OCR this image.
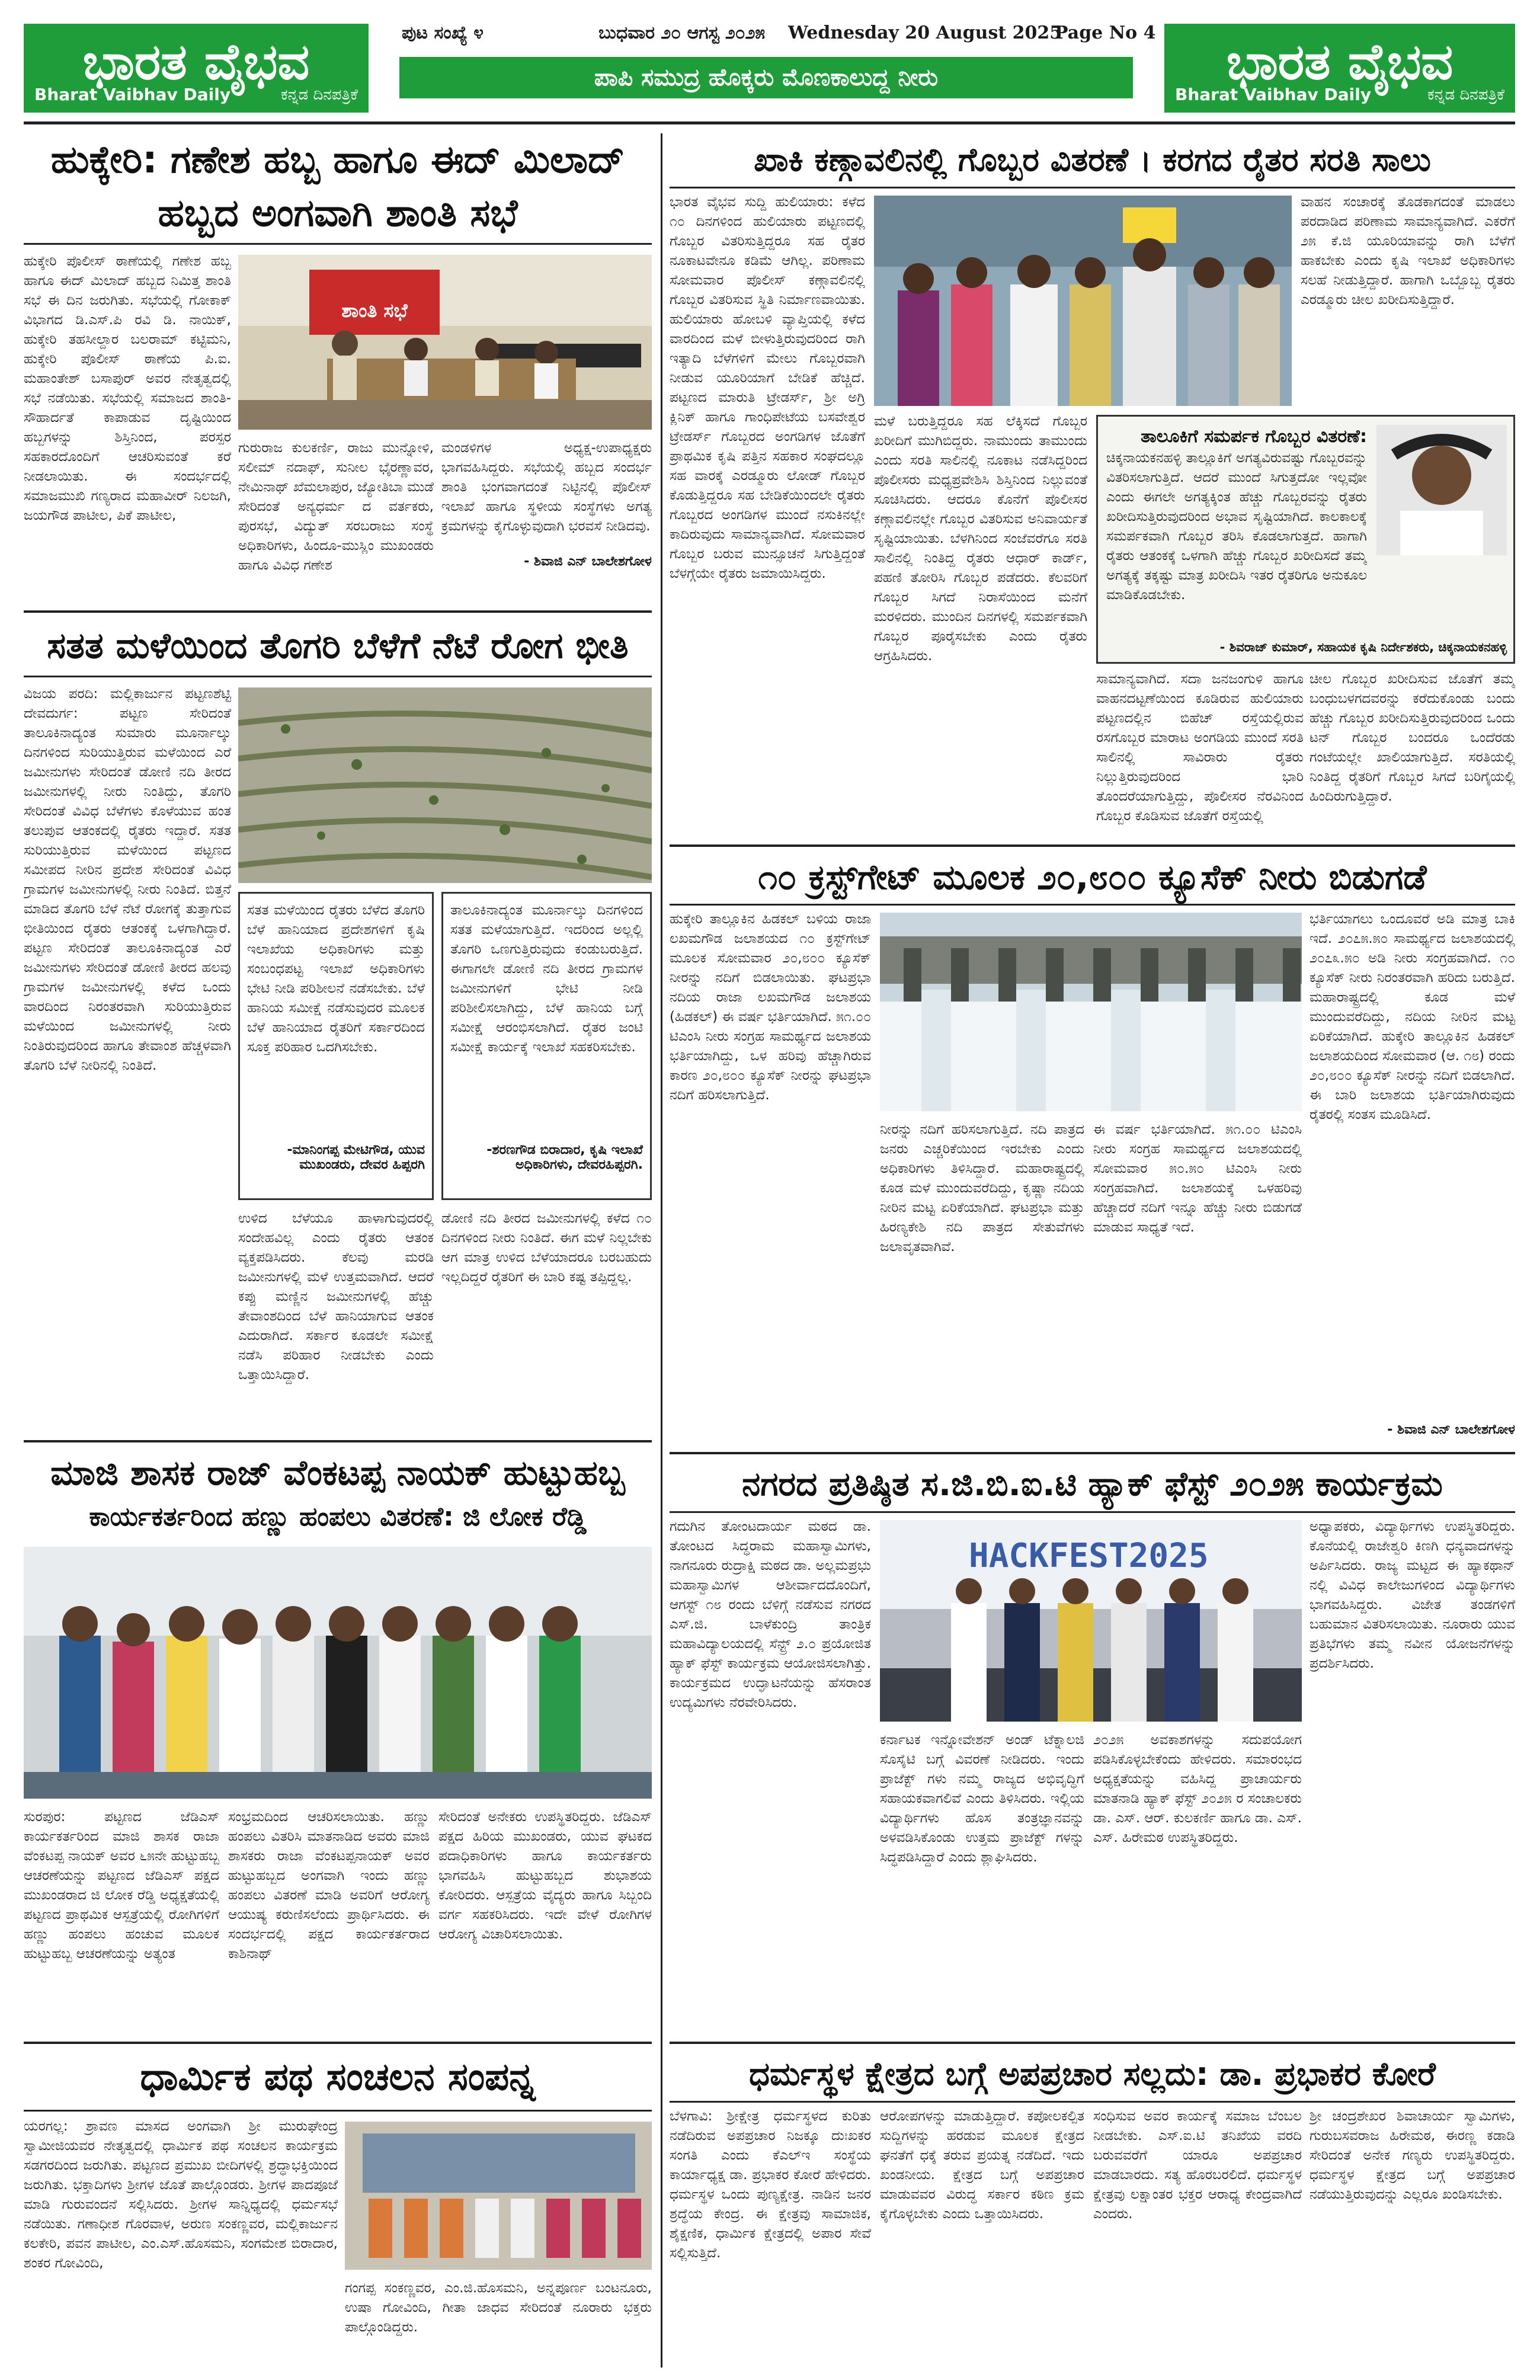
ಭಾರತ ವೈಭವ
Bharat Vaibhav Daily	ಕನ್ನಡ ದಿನಪತ್ರಿಕೆ
ಭಾರತ ವೈಭವ
Bharat Vaibhav Daily	ಕನ್ನಡ ದಿನಪತ್ರಿಕೆ
ಪುಟ ಸಂಖ್ಯೆ ೪	ಬುಧವಾರ ೨೦ ಆಗಸ್ಟ ೨೦೨೫ Wednesday 20 August 2025
Page No 4
ಪಾಪಿ ಸಮುದ್ರ ಹೊಕ್ಕರು ಮೊಣಕಾಲುದ್ದ ನೀರು
ಹುಕ್ಕೇರಿ: ಗಣೇಶ ಹಬ್ಬ ಹಾಗೂ ಈದ್ ಮಿಲಾದ್ ಹಬ್ಬದ ಅಂಗವಾಗಿ ಶಾಂತಿ ಸಭೆ
ಹುಕ್ಕೇರಿ ಪೊಲೀಸ್ ಠಾಣೆಯಲ್ಲಿ ಗಣೇಶ ಹಬ್ಬ ಹಾಗೂ ಈದ್ ಮಿಲಾದ್ ಹಬ್ಬದ ನಿಮಿತ್ತ ಶಾಂತಿ ಸಭೆ ಈ ದಿನ ಜರುಗಿತು. ಸಭೆಯಲ್ಲಿ ಗೋಕಾಕ್ ವಿಭಾಗದ ಡಿ.ಎಸ್.ಪಿ ರವಿ ಡಿ. ನಾಯಿಕ್, ಹುಕ್ಕೇರಿ ತಹಸೀಲ್ದಾರ ಬಲರಾಮ್ ಕಟ್ಟಿಮನಿ, ಹುಕ್ಕೇರಿ ಪೊಲೀಸ್ ಠಾಣೆಯ ಪಿ.ಐ. ಮಹಾಂತೇಶ್ ಬಸಾಪುರ್ ಅವರ ನೇತೃತ್ವದಲ್ಲಿ ಸಭೆ ನಡೆಯಿತು. ಸಭೆಯಲ್ಲಿ ಸಮಾಜದ ಶಾಂತಿ-ಸೌಹಾರ್ದತೆ ಕಾಪಾಡುವ ದೃಷ್ಟಿಯಿಂದ ಹಬ್ಬಗಳನ್ನು ಶಿಸ್ತಿನಿಂದ, ಪರಸ್ಪರ ಸಹಕಾರದೊಂದಿಗೆ ಆಚರಿಸುವಂತೆ ಕರೆ ನೀಡಲಾಯಿತು. ಈ ಸಂದರ್ಭದಲ್ಲಿ ಸಮಾಜಮುಖಿ ಗಣ್ಯರಾದ ಮಹಾವೀರ್ ನಿಲಜಗಿ, ಜಯಗೌಡ ಪಾಟೀಲ, ಪಿಕೆ ಪಾಟೀಲ,
ಶಾಂತಿ ಸಭೆ
ಗುರುರಾಜ ಕುಲಕರ್ಣಿ, ರಾಜು ಮುನ್ನೋಳಿ, ಸಲೀಮ್ ನದಾಫ್, ಸುನೀಲ ಭೈರಣ್ಣಾವರ, ನೇಮಿನಾಥ್ ಖೆಮಲಾಪುರ, ಜ್ಯೋತಿಬಾ ಮುಡೆ ಸೇರಿದಂತೆ ಅನ್ಯಧರ್ಮ ದ ವರ್ತಕರು, ಪುರಸಭೆ, ವಿದ್ಯುತ್ ಸರಬರಾಜು ಸಂಸ್ಥೆ ಅಧಿಕಾರಿಗಳು, ಹಿಂದೂ-ಮುಸ್ಲಿಂ ಮುಖಂಡರು ಹಾಗೂ ವಿವಿಧ ಗಣೇಶ
ಮಂಡಳಿಗಳ ಅಧ್ಯಕ್ಷ-ಉಪಾಧ್ಯಕ್ಷರು ಭಾಗವಹಿಸಿದ್ದರು. ಸಭೆಯಲ್ಲಿ ಹಬ್ಬದ ಸಂದರ್ಭ ಶಾಂತಿ ಭಂಗವಾಗದಂತೆ ನಿಟ್ಟಿನಲ್ಲಿ ಪೊಲೀಸ್ ಇಲಾಖೆ ಹಾಗೂ ಸ್ಥಳೀಯ ಸಂಸ್ಥೆಗಳು ಅಗತ್ಯ ಕ್ರಮಗಳನ್ನು ಕೈಗೊಳ್ಳುವುದಾಗಿ ಭರವಸೆ ನೀಡಿದವು.
- ಶಿವಾಜಿ ಎನ್ ಬಾಲೇಶಗೋಳ
ಸತತ ಮಳೆಯಿಂದ ತೊಗರಿ ಬೆಳೆಗೆ ನೆಟೆ ರೋಗ ಭೀತಿ
ವಿಜಯ ಪರದಿ: ಮಲ್ಲಿಕಾರ್ಜುನ ಪಟ್ಟಣಶೆಟ್ಟಿ ದೇವದುರ್ಗ: ಪಟ್ಟಣ ಸೇರಿದಂತೆ ತಾಲೂಕಿನಾದ್ಯಂತ ಸುಮಾರು ಮೂರ್ನಾಲ್ಕು ದಿನಗಳಿಂದ ಸುರಿಯುತ್ತಿರುವ ಮಳೆಯಿಂದ ಎರೆ ಜಮೀನುಗಳು ಸೇರಿದಂತೆ ಡೋಣಿ ನದಿ ತೀರದ ಜಮೀನುಗಳಲ್ಲಿ ನೀರು ನಿಂತಿದ್ದು, ತೊಗರಿ ಸೇರಿದಂತೆ ವಿವಿಧ ಬೆಳೆಗಳು ಕೊಳೆಯುವ ಹಂತ ತಲುಪುವ ಆತಂಕದಲ್ಲಿ ರೈತರು ಇದ್ದಾರೆ. ಸತತ ಸುರಿಯುತ್ತಿರುವ ಮಳೆಯಿಂದ ಪಟ್ಟಣದ ಸಮೀಪದ ನೀರಿನ ಪ್ರದೇಶ ಸೇರಿದಂತೆ ವಿವಿಧ ಗ್ರಾಮಗಳ ಜಮೀನುಗಳಲ್ಲಿ ನೀರು ನಿಂತಿದೆ. ಬಿತ್ತನೆ ಮಾಡಿದ ತೊಗರಿ ಬೆಳೆ ನೆಟೆ ರೋಗಕ್ಕೆ ತುತ್ತಾಗುವ ಭೀತಿಯಿಂದ ರೈತರು ಆತಂಕಕ್ಕೆ ಒಳಗಾಗಿದ್ದಾರೆ. ಪಟ್ಟಣ ಸೇರಿದಂತೆ ತಾಲೂಕಿನಾದ್ಯಂತ ಎರೆ ಜಮೀನುಗಳು ಸೇರಿದಂತೆ ಡೋಣಿ ತೀರದ ಹಲವು ಗ್ರಾಮಗಳ ಜಮೀನುಗಳಲ್ಲಿ ಕಳೆದ ಒಂದು ವಾರದಿಂದ ನಿರಂತರವಾಗಿ ಸುರಿಯುತ್ತಿರುವ ಮಳೆಯಿಂದ ಜಮೀನುಗಳಲ್ಲಿ ನೀರು ನಿಂತಿರುವುದರಿಂದ ಹಾಗೂ ತೇವಾಂಶ ಹೆಚ್ಚಳವಾಗಿ ತೊಗರಿ ಬೆಳೆ ನೀರಿನಲ್ಲಿ ನಿಂತಿದೆ.
ಸತತ ಮಳೆಯಿಂದ ರೈತರು ಬೆಳೆದ ತೊಗರಿ ಬೆಳೆ ಹಾನಿಯಾದ ಪ್ರದೇಶಗಳಿಗೆ ಕೃಷಿ ಇಲಾಖೆಯ ಅಧಿಕಾರಿಗಳು ಮತ್ತು ಸಂಬಂಧಪಟ್ಟ ಇಲಾಖೆ ಅಧಿಕಾರಿಗಳು ಭೇಟಿ ನೀಡಿ ಪರಿಶೀಲನೆ ನಡೆಸಬೇಕು. ಬೆಳೆ ಹಾನಿಯ ಸಮೀಕ್ಷೆ ನಡೆಸುವುದರ ಮೂಲಕ ಬೆಳೆ ಹಾನಿಯಾದ ರೈತರಿಗೆ ಸರ್ಕಾರದಿಂದ ಸೂಕ್ತ ಪರಿಹಾರ ಒದಗಿಸಬೇಕು.
-ಮಾನಿಂಗಪ್ಪ ಮೇಟಿಗೌಡ, ಯುವ ಮುಖಂಡರು, ದೇವರ ಹಿಪ್ಪರಗಿ
ತಾಲೂಕಿನಾದ್ಯಂತ ಮೂರ್ನಾಲ್ಕು ದಿನಗಳಿಂದ ಸತತ ಮಳೆಯಾಗುತ್ತಿದೆ. ಇದರಿಂದ ಅಲ್ಲಲ್ಲಿ ತೊಗರಿ ಒಣಗುತ್ತಿರುವುದು ಕಂಡುಬರುತ್ತಿದೆ. ಈಗಾಗಲೇ ಡೋಣಿ ನದಿ ತೀರದ ಗ್ರಾಮಗಳ ಜಮೀನುಗಳಿಗೆ ಭೇಟಿ ನೀಡಿ ಪರಿಶೀಲಿಸಲಾಗಿದ್ದು, ಬೆಳೆ ಹಾನಿಯ ಬಗ್ಗೆ ಸಮೀಕ್ಷೆ ಆರಂಭಿಸಲಾಗಿದೆ. ರೈತರ ಜಂಟಿ ಸಮೀಕ್ಷೆ ಕಾರ್ಯಕ್ಕೆ ಇಲಾಖೆ ಸಹಕರಿಸಬೇಕು.
-ಶರಣಗೌಡ ಬಿರಾದಾರ, ಕೃಷಿ ಇಲಾಖೆ ಅಧಿಕಾರಿಗಳು, ದೇವರಹಿಪ್ಪರಗಿ.
ಉಳಿದ ಬೆಳೆಯೂ ಹಾಳಾಗುವುದರಲ್ಲಿ ಸಂದೇಹವಿಲ್ಲ ಎಂದು ರೈತರು ಆತಂಕ ವ್ಯಕ್ತಪಡಿಸಿದರು. ಕೆಲವು ಮರಡಿ ಜಮೀನುಗಳಲ್ಲಿ ಮಳೆ ಉತ್ತಮವಾಗಿದೆ. ಆದರೆ ಕಪ್ಪು ಮಣ್ಣಿನ ಜಮೀನುಗಳಲ್ಲಿ ಹೆಚ್ಚು ತೇವಾಂಶದಿಂದ ಬೆಳೆ ಹಾನಿಯಾಗುವ ಆತಂಕ ಎದುರಾಗಿದೆ. ಸರ್ಕಾರ ಕೂಡಲೇ ಸಮೀಕ್ಷೆ ನಡೆಸಿ ಪರಿಹಾರ ನೀಡಬೇಕು ಎಂದು ಒತ್ತಾಯಿಸಿದ್ದಾರೆ.
ಡೋಣಿ ನದಿ ತೀರದ ಜಮೀನುಗಳಲ್ಲಿ ಕಳೆದ ೧೦ ದಿನಗಳಿಂದ ನೀರು ನಿಂತಿದೆ. ಈಗ ಮಳೆ ನಿಲ್ಲಬೇಕು ಆಗ ಮಾತ್ರ ಉಳಿದ ಬೆಳೆಯಾದರೂ ಬರಬಹುದು ಇಲ್ಲದಿದ್ದರೆ ರೈತರಿಗೆ ಈ ಬಾರಿ ಕಷ್ಟ ತಪ್ಪಿದ್ದಲ್ಲ.
ಮಾಜಿ ಶಾಸಕ ರಾಜ್ ವೆಂಕಟಪ್ಪ ನಾಯಕ್ ಹುಟ್ಟುಹಬ್ಬ
ಕಾರ್ಯಕರ್ತರಿಂದ ಹಣ್ಣು ಹಂಪಲು ವಿತರಣೆ: ಜಿ ಲೋಕ ರೆಡ್ಡಿ
ಸುರಪುರ: ಪಟ್ಟಣದ ಜೆಡಿಎಸ್ ಕಾರ್ಯಕರ್ತರಿಂದ ಮಾಜಿ ಶಾಸಕ ರಾಜಾ ವೆಂಕಟಪ್ಪ ನಾಯಕ್ ಅವರ ೬೫ನೇ ಹುಟ್ಟುಹಬ್ಬ ಆಚರಣೆಯನ್ನು ಪಟ್ಟಣದ ಜೆಡಿಎಸ್ ಪಕ್ಷದ ಮುಖಂಡರಾದ ಜಿ ಲೋಕ ರೆಡ್ಡಿ ಅಧ್ಯಕ್ಷತೆಯಲ್ಲಿ ಪಟ್ಟಣದ ಪ್ರಾಥಮಿಕ ಆಸ್ಪತ್ರೆಯಲ್ಲಿ ರೋಗಿಗಳಿಗೆ ಹಣ್ಣು ಹಂಪಲು ಹಂಚುವ ಮೂಲಕ ಹುಟ್ಟುಹಬ್ಬ ಆಚರಣೆಯನ್ನು ಅತ್ಯಂತ
ಸಂಭ್ರಮದಿಂದ ಆಚರಿಸಲಾಯಿತು. ಹಣ್ಣು ಹಂಪಲು ವಿತರಿಸಿ ಮಾತನಾಡಿದ ಅವರು ಮಾಜಿ ಶಾಸಕರು ರಾಜಾ ವೆಂಕಟಪ್ಪನಾಯಕ್ ಅವರ ಹುಟ್ಟುಹಬ್ಬದ ಅಂಗವಾಗಿ ಇಂದು ಹಣ್ಣು ಹಂಪಲು ವಿತರಣೆ ಮಾಡಿ ಅವರಿಗೆ ಆರೋಗ್ಯ ಆಯುಷ್ಯ ಕರುಣಿಸಲೆಂದು ಪ್ರಾರ್ಥಿಸಿದರು. ಈ ಸಂದರ್ಭದಲ್ಲಿ ಪಕ್ಷದ ಕಾರ್ಯಕರ್ತರಾದ ಕಾಶಿನಾಥ್
ಸೇರಿದಂತೆ ಅನೇಕರು ಉಪಸ್ಥಿತರಿದ್ದರು. ಜೆಡಿಎಸ್ ಪಕ್ಷದ ಹಿರಿಯ ಮುಖಂಡರು, ಯುವ ಘಟಕದ ಪದಾಧಿಕಾರಿಗಳು ಹಾಗೂ ಕಾರ್ಯಕರ್ತರು ಭಾಗವಹಿಸಿ ಹುಟ್ಟುಹಬ್ಬದ ಶುಭಾಶಯ ಕೋರಿದರು. ಆಸ್ಪತ್ರೆಯ ವೈದ್ಯರು ಹಾಗೂ ಸಿಬ್ಬಂದಿ ವರ್ಗ ಸಹಕರಿಸಿದರು. ಇದೇ ವೇಳೆ ರೋಗಿಗಳ ಆರೋಗ್ಯ ವಿಚಾರಿಸಲಾಯಿತು.
ಧಾರ್ಮಿಕ ಪಥ ಸಂಚಲನ ಸಂಪನ್ನ
ಯರಗಲ್ಲ: ಶ್ರಾವಣ ಮಾಸದ ಅಂಗವಾಗಿ ಶ್ರೀ ಮುರುಘೇಂದ್ರ ಸ್ವಾಮೀಜಿಯವರ ನೇತೃತ್ವದಲ್ಲಿ ಧಾರ್ಮಿಕ ಪಥ ಸಂಚಲನ ಕಾರ್ಯಕ್ರಮ ಸಡಗರದಿಂದ ಜರುಗಿತು. ಪಟ್ಟಣದ ಪ್ರಮುಖ ಬೀದಿಗಳಲ್ಲಿ ಶ್ರದ್ಧಾಭಕ್ತಿಯಿಂದ ಜರುಗಿತು. ಭಕ್ತಾದಿಗಳು ಶ್ರೀಗಳ ಜೊತೆ ಪಾಲ್ಗೊಂಡರು. ಶ್ರೀಗಳ ಪಾದಪೂಜೆ ಮಾಡಿ ಗುರುವಂದನೆ ಸಲ್ಲಿಸಿದರು. ಶ್ರೀಗಳ ಸಾನ್ನಿಧ್ಯದಲ್ಲಿ ಧರ್ಮಸಭೆ ನಡೆಯಿತು. ಗಣಾಧೀಶ ಗೊರವಾಳ, ಅರುಣ ಸಂಕಣ್ಣವರ, ಮಲ್ಲಿಕಾರ್ಜುನ ಕಲಕೇರಿ, ಪವನ ಪಾಟೀಲ, ಎಂ.ಎಸ್.ಹೊಸಮನಿ, ಸಂಗಮೇಶ ಬಿರಾದಾರ, ಶಂಕರ ಗೋವಿಂದಿ,
ಗಂಗಪ್ಪ ಸಂಕಣ್ಣವರ, ಎಂ.ಜಿ.ಹೊಸಮನಿ, ಅನ್ನಪೂರ್ಣ ಬಂಟನೂರು, ಉಷಾ ಗೋವಿಂದಿ, ಗೀತಾ ಜಾಧವ ಸೇರಿದಂತೆ ನೂರಾರು ಭಕ್ತರು ಪಾಲ್ಗೊಂಡಿದ್ದರು.
ಖಾಕಿ ಕಣ್ಗಾವಲಿನಲ್ಲಿ ಗೊಬ್ಬರ ವಿತರಣೆ । ಕರಗದ ರೈತರ ಸರತಿ ಸಾಲು
ಭಾರತ ವೈಭವ ಸುದ್ದಿ ಹುಲಿಯಾರು: ಕಳೆದ ೧೦ ದಿನಗಳಿಂದ ಹುಲಿಯಾರು ಪಟ್ಟಣದಲ್ಲಿ ಗೊಬ್ಬರ ವಿತರಿಸುತ್ತಿದ್ದರೂ ಸಹ ರೈತರ ನೂಕಾಟವೇನೂ ಕಡಿಮೆ ಆಗಿಲ್ಲ. ಪರಿಣಾಮ ಸೋಮವಾರ ಪೊಲೀಸ್ ಕಣ್ಗಾವಲಿನಲ್ಲಿ ಗೊಬ್ಬರ ವಿತರಿಸುವ ಸ್ಥಿತಿ ನಿರ್ಮಾಣವಾಯಿತು. ಹುಲಿಯಾರು ಹೋಬಳಿ ವ್ಯಾಪ್ತಿಯಲ್ಲಿ ಕಳೆದ ವಾರದಿಂದ ಮಳೆ ಬೀಳುತ್ತಿರುವುದರಿಂದ ರಾಗಿ ಇತ್ಯಾದಿ ಬೆಳೆಗಳಿಗೆ ಮೇಲು ಗೊಬ್ಬರವಾಗಿ ನೀಡುವ ಯೂರಿಯಾಗೆ ಬೇಡಿಕೆ ಹೆಚ್ಚಿದೆ. ಪಟ್ಟಣದ ಮಾರುತಿ ಟ್ರೇಡರ್ಸ್, ಶ್ರೀ ಅಗ್ರಿ ಕ್ಲಿನಿಕ್ ಹಾಗೂ ಗಾಂಧಿಪೇಟೆಯ ಬಸವೇಶ್ವರ ಟ್ರೇಡರ್ಸ್ ಗೊಬ್ಬರದ ಅಂಗಡಿಗಳ ಜೊತೆಗೆ ಪ್ರಾಥಮಿಕ ಕೃಷಿ ಪತ್ತಿನ ಸಹಕಾರ ಸಂಘದಲ್ಲೂ ಸಹ ವಾರಕ್ಕೆ ಎರಡ್ಮೂರು ಲೋಡ್ ಗೊಬ್ಬರ ಕೊಡುತ್ತಿದ್ದರೂ ಸಹ ಬೇಡಿಕೆಯಿಂದಲೇ ರೈತರು ಗೊಬ್ಬರದ ಅಂಗಡಿಗಳ ಮುಂದೆ ನಸುಕಿನಲ್ಲೇ ಕಾದಿರುವುದು ಸಾಮಾನ್ಯವಾಗಿದೆ. ಸೋಮವಾರ ಗೊಬ್ಬರ ಬರುವ ಮುನ್ಸೂಚನೆ ಸಿಗುತ್ತಿದ್ದಂತೆ ಬೆಳಗ್ಗೆಯೇ ರೈತರು ಜಮಾಯಿಸಿದ್ದರು.
ವಾಹನ ಸಂಚಾರಕ್ಕೆ ತೊಡಕಾಗದಂತೆ ಮಾಡಲು ಪರದಾಡಿದ ಪರಿಣಾಮ ಸಾಮಾನ್ಯವಾಗಿದೆ. ಎಕರೆಗೆ ೨೫ ಕೆ.ಜಿ ಯೂರಿಯಾವನ್ನು ರಾಗಿ ಬೆಳೆಗೆ ಹಾಕಬೇಕು ಎಂದು ಕೃಷಿ ಇಲಾಖೆ ಅಧಿಕಾರಿಗಳು ಸಲಹೆ ನೀಡುತ್ತಿದ್ದಾರೆ. ಹಾಗಾಗಿ ಒಬ್ಬೊಬ್ಬ ರೈತರು ಎರಡ್ಮೂರು ಚೀಲ ಖರೀದಿಸುತ್ತಿದ್ದಾರೆ.
ಮಳೆ ಬರುತ್ತಿದ್ದರೂ ಸಹ ಲೆಕ್ಕಿಸದೆ ಗೊಬ್ಬರ ಖರೀದಿಗೆ ಮುಗಿಬಿದ್ದರು. ನಾಮುಂದು ತಾಮುಂದು ಎಂದು ಸರತಿ ಸಾಲಿನಲ್ಲಿ ನೂಕಾಟ ನಡೆಸಿದ್ದರಿಂದ ಪೊಲೀಸರು ಮಧ್ಯಪ್ರವೇಶಿಸಿ ಶಿಸ್ತಿನಿಂದ ನಿಲ್ಲುವಂತೆ ಸೂಚಿಸಿದರು. ಆದರೂ ಕೊನೆಗೆ ಪೊಲೀಸರ ಕಣ್ಗಾವಲಿನಲ್ಲೇ ಗೊಬ್ಬರ ವಿತರಿಸುವ ಅನಿವಾರ್ಯತೆ ಸೃಷ್ಟಿಯಾಯಿತು. ಬೆಳಗಿನಿಂದ ಸಂಜೆವರೆಗೂ ಸರತಿ ಸಾಲಿನಲ್ಲಿ ನಿಂತಿದ್ದ ರೈತರು ಆಧಾರ್ ಕಾರ್ಡ್, ಪಹಣಿ ತೋರಿಸಿ ಗೊಬ್ಬರ ಪಡೆದರು. ಕೆಲವರಿಗೆ ಗೊಬ್ಬರ ಸಿಗದೆ ನಿರಾಸೆಯಿಂದ ಮನೆಗೆ ಮರಳಿದರು. ಮುಂದಿನ ದಿನಗಳಲ್ಲಿ ಸಮರ್ಪಕವಾಗಿ ಗೊಬ್ಬರ ಪೂರೈಸಬೇಕು ಎಂದು ರೈತರು ಆಗ್ರಹಿಸಿದರು.
ತಾಲೂಕಿಗೆ ಸಮರ್ಪಕ ಗೊಬ್ಬರ ವಿತರಣೆ:
ಚಿಕ್ಕನಾಯಕನಹಳ್ಳಿ ತಾಲ್ಲೂಕಿಗೆ ಅಗತ್ಯವಿರುವಷ್ಟು ಗೊಬ್ಬರವನ್ನು ವಿತರಿಸಲಾಗುತ್ತಿದೆ. ಆದರೆ ಮುಂದೆ ಸಿಗುತ್ತದೋ ಇಲ್ಲವೋ ಎಂದು ಈಗಲೇ ಅಗತ್ಯಕ್ಕಿಂತ ಹೆಚ್ಚು ಗೊಬ್ಬರವನ್ನು ರೈತರು ಖರೀದಿಸುತ್ತಿರುವುದರಿಂದ ಅಭಾವ ಸೃಷ್ಟಿಯಾಗಿದೆ. ಕಾಲಕಾಲಕ್ಕೆ ಸಮರ್ಪಕವಾಗಿ ಗೊಬ್ಬರ ತರಿಸಿ ಕೊಡಲಾಗುತ್ತದೆ. ಹಾಗಾಗಿ ರೈತರು ಆತಂಕಕ್ಕೆ ಒಳಗಾಗಿ ಹೆಚ್ಚು ಗೊಬ್ಬರ ಖರೀದಿಸದೆ ತಮ್ಮ ಅಗತ್ಯಕ್ಕೆ ತಕ್ಕಷ್ಟು ಮಾತ್ರ ಖರೀದಿಸಿ ಇತರ ರೈತರಿಗೂ ಅನುಕೂಲ ಮಾಡಿಕೊಡಬೇಕು.
- ಶಿವರಾಜ್ ಕುಮಾರ್, ಸಹಾಯಕ ಕೃಷಿ ನಿರ್ದೇಶಕರು, ಚಿಕ್ಕನಾಯಕನಹಳ್ಳಿ
ಸಾಮಾನ್ಯವಾಗಿದೆ. ಸದಾ ಜನಜಂಗುಳಿ ಹಾಗೂ ವಾಹನದಟ್ಟಣೆಯಿಂದ ಕೂಡಿರುವ ಹುಲಿಯಾರು ಪಟ್ಟಣದಲ್ಲಿನ ಬಿಹೆಚ್ ರಸ್ತೆಯಲ್ಲಿರುವ ರಸಗೊಬ್ಬರ ಮಾರಾಟ ಅಂಗಡಿಯ ಮುಂದೆ ಸರತಿ ಸಾಲಿನಲ್ಲಿ ಸಾವಿರಾರು ರೈತರು ನಿಲ್ಲುತ್ತಿರುವುದರಿಂದ ಭಾರಿ ತೊಂದರೆಯಾಗುತ್ತಿದ್ದು, ಪೊಲೀಸರ ನೆರವಿನಿಂದ ಗೊಬ್ಬರ ಕೊಡಿಸುವ ಜೊತೆಗೆ ರಸ್ತೆಯಲ್ಲಿ
ಚೀಲ ಗೊಬ್ಬರ ಖರೀದಿಸುವ ಜೊತೆಗೆ ತಮ್ಮ ಬಂಧುಬಳಗದವರನ್ನು ಕರೆದುಕೊಂಡು ಬಂದು ಹೆಚ್ಚು ಗೊಬ್ಬರ ಖರೀದಿಸುತ್ತಿರುವುದರಿಂದ ಒಂದು ಟನ್ ಗೊಬ್ಬರ ಬಂದರೂ ಒಂದೆರಡು ಗಂಟೆಯಲ್ಲೇ ಖಾಲಿಯಾಗುತ್ತಿದೆ. ಸರತಿಯಲ್ಲಿ ನಿಂತಿದ್ದ ರೈತರಿಗೆ ಗೊಬ್ಬರ ಸಿಗದೆ ಬರಿಗೈಯಲ್ಲಿ ಹಿಂದಿರುಗುತ್ತಿದ್ದಾರೆ.
೧೦ ಕ್ರಸ್ಟ್‌ಗೇಟ್ ಮೂಲಕ ೨೦,೮೦೦ ಕ್ಯೂಸೆಕ್ ನೀರು ಬಿಡುಗಡೆ
ಹುಕ್ಕೇರಿ ತಾಲ್ಲೂಕಿನ ಹಿಡಕಲ್ ಬಳಿಯ ರಾಜಾ ಲಖಮಗೌಡ ಜಲಾಶಯದ ೧೦ ಕ್ರಸ್ಟ್‌ಗೇಟ್ ಮೂಲಕ ಸೋಮವಾರ ೨೦,೮೦೦ ಕ್ಯೂಸೆಕ್ ನೀರನ್ನು ನದಿಗೆ ಬಿಡಲಾಯಿತು. ಘಟಪ್ರಭಾ ನದಿಯ ರಾಜಾ ಲಖಮಗೌಡ ಜಲಾಶಯ (ಹಿಡಕಲ್) ಈ ವರ್ಷ ಭರ್ತಿಯಾಗಿದೆ. ೫೧.೦೦ ಟಿಎಂಸಿ ನೀರು ಸಂಗ್ರಹ ಸಾಮರ್ಥ್ಯದ ಜಲಾಶಯ ಭರ್ತಿಯಾಗಿದ್ದು, ಒಳ ಹರಿವು ಹೆಚ್ಚಾಗಿರುವ ಕಾರಣ ೨೦,೮೦೦ ಕ್ಯೂಸೆಕ್ ನೀರನ್ನು ಘಟಪ್ರಭಾ ನದಿಗೆ ಹರಿಸಲಾಗುತ್ತಿದೆ.
ನೀರನ್ನು ನದಿಗೆ ಹರಿಸಲಾಗುತ್ತಿದೆ. ನದಿ ಪಾತ್ರದ ಜನರು ಎಚ್ಚರಿಕೆಯಿಂದ ಇರಬೇಕು ಎಂದು ಅಧಿಕಾರಿಗಳು ತಿಳಿಸಿದ್ದಾರೆ. ಮಹಾರಾಷ್ಟ್ರದಲ್ಲಿ ಕೂಡ ಮಳೆ ಮುಂದುವರೆದಿದ್ದು, ಕೃಷ್ಣಾ ನದಿಯ ನೀರಿನ ಮಟ್ಟ ಏರಿಕೆಯಾಗಿದೆ. ಘಟಪ್ರಭಾ ಮತ್ತು ಹಿರಣ್ಯಕೇಶಿ ನದಿ ಪಾತ್ರದ ಸೇತುವೆಗಳು ಜಲಾವೃತವಾಗಿವೆ.
ಈ ವರ್ಷ ಭರ್ತಿಯಾಗಿದೆ. ೫೧.೦೦ ಟಿಎಂಸಿ ನೀರು ಸಂಗ್ರಹ ಸಾಮರ್ಥ್ಯದ ಜಲಾಶಯದಲ್ಲಿ ಸೋಮವಾರ ೫೦.೫೦ ಟಿಎಂಸಿ ನೀರು ಸಂಗ್ರಹವಾಗಿದೆ. ಜಲಾಶಯಕ್ಕೆ ಒಳಹರಿವು ಹೆಚ್ಚಾದರೆ ನದಿಗೆ ಇನ್ನೂ ಹೆಚ್ಚು ನೀರು ಬಿಡುಗಡೆ ಮಾಡುವ ಸಾಧ್ಯತೆ ಇದೆ.
ಭರ್ತಿಯಾಗಲು ಒಂದೂವರೆ ಅಡಿ ಮಾತ್ರ ಬಾಕಿ ಇದೆ. ೨೦೭೫.೫೦ ಸಾಮರ್ಥ್ಯದ ಜಲಾಶಯದಲ್ಲಿ ೨೦೭೩.೫೦ ಅಡಿ ನೀರು ಸಂಗ್ರಹವಾಗಿದೆ. ೧೦ ಕ್ಯೂಸೆಕ್ ನೀರು ನಿರಂತರವಾಗಿ ಹರಿದು ಬರುತ್ತಿದೆ. ಮಹಾರಾಷ್ಟ್ರದಲ್ಲಿ ಕೂಡ ಮಳೆ ಮುಂದುವರೆದಿದ್ದು, ನದಿಯ ನೀರಿನ ಮಟ್ಟ ಏರಿಕೆಯಾಗಿದೆ. ಹುಕ್ಕೇರಿ ತಾಲ್ಲೂಕಿನ ಹಿಡಕಲ್ ಜಲಾಶಯದಿಂದ ಸೋಮವಾರ (ಆ. ೧೮) ರಂದು ೨೦,೮೦೦ ಕ್ಯೂಸೆಕ್ ನೀರನ್ನು ನದಿಗೆ ಬಿಡಲಾಗಿದೆ. ಈ ಬಾರಿ ಜಲಾಶಯ ಭರ್ತಿಯಾಗಿರುವುದು ರೈತರಲ್ಲಿ ಸಂತಸ ಮೂಡಿಸಿದೆ.
- ಶಿವಾಜಿ ಎನ್ ಬಾಲೇಶಗೋಳ
ನಗರದ ಪ್ರತಿಷ್ಠಿತ ಸ.ಜಿ.ಬಿ.ಐ.ಟಿ ಹ್ಯಾಕ್ ಫೆಸ್ಟ್ ೨೦೨೫ ಕಾರ್ಯಕ್ರಮ
ಗದುಗಿನ ತೋಂಟದಾರ್ಯ ಮಠದ ಡಾ. ತೋಂಟದ ಸಿದ್ಧರಾಮ ಮಹಾಸ್ವಾಮಿಗಳು, ನಾಗನೂರು ರುದ್ರಾಕ್ಷಿ ಮಠದ ಡಾ. ಅಲ್ಲಮಪ್ರಭು ಮಹಾಸ್ವಾಮಿಗಳ ಆಶೀರ್ವಾದದೊಂದಿಗೆ, ಆಗಸ್ಟ್ ೧೮ ರಂದು ಬೆಳಿಗ್ಗೆ ನಡೆಸುವ ನಗರದ ಎಸ್.ಜಿ. ಬಾಳೆಕುಂದ್ರಿ ತಾಂತ್ರಿಕ ಮಹಾವಿದ್ಯಾಲಯದಲ್ಲಿ ಸೆನ್ಟ್ರ್ ೨.೦ ಪ್ರಯೋಜಿತ ಹ್ಯಾಕ್ ಫೆಸ್ಟ್ ಕಾರ್ಯಕ್ರಮ ಆಯೋಜಿಸಲಾಗಿತ್ತು. ಕಾರ್ಯಕ್ರಮದ ಉದ್ಘಾಟನೆಯನ್ನು ಹೆಸರಾಂತ ಉದ್ಯಮಿಗಳು ನೆರವೇರಿಸಿದರು.
HACKFEST2025
ಕರ್ನಾಟಕ ಇನ್ನೋವೇಶನ್ ಅಂಡ್ ಟೆಕ್ನಾಲಜಿ ಸೊಸೈಟಿ ಬಗ್ಗೆ ವಿವರಣೆ ನೀಡಿದರು. ಇಂದು ಪ್ರಾಜೆಕ್ಟ್ ಗಳು ನಮ್ಮ ರಾಜ್ಯದ ಅಭಿವೃದ್ಧಿಗೆ ಸಹಾಯಕವಾಗಲಿವೆ ಎಂದು ತಿಳಿಸಿದರು. ಇಲ್ಲಿಯ ವಿದ್ಯಾರ್ಥಿಗಳು ಹೊಸ ತಂತ್ರಜ್ಞಾನವನ್ನು ಅಳವಡಿಸಿಕೊಂಡು ಉತ್ತಮ ಪ್ರಾಜೆಕ್ಟ್ ಗಳನ್ನು ಸಿದ್ಧಪಡಿಸಿದ್ದಾರೆ ಎಂದು ಶ್ಲಾಘಿಸಿದರು.
೨೦೨೫ ಅವಕಾಶಗಳನ್ನು ಸದುಪಯೋಗ ಪಡಿಸಿಕೊಳ್ಳಬೇಕೆಂದು ಹೇಳಿದರು. ಸಮಾರಂಭದ ಅಧ್ಯಕ್ಷತೆಯನ್ನು ವಹಿಸಿದ್ದ ಪ್ರಾಚಾರ್ಯರು ಮಾತನಾಡಿ ಹ್ಯಾಕ್ ಫೆಸ್ಟ್ ೨೦೨೫ ರ ಸಂಚಾಲಕರು ಡಾ. ಎಸ್. ಆರ್. ಕುಲಕರ್ಣಿ ಹಾಗೂ ಡಾ. ಎಸ್. ಎಸ್. ಹಿರೇಮಠ ಉಪಸ್ಥಿತರಿದ್ದರು.
ಅಧ್ಯಾಪಕರು, ವಿದ್ಯಾರ್ಥಿಗಳು ಉಪಸ್ಥಿತರಿದ್ದರು. ಕೊನೆಯಲ್ಲಿ ರಾಜೇಶ್ವರಿ ಕಿಣಗಿ ಧನ್ಯವಾದಗಳನ್ನು ಅರ್ಪಿಸಿದರು. ರಾಜ್ಯ ಮಟ್ಟದ ಈ ಹ್ಯಾಕಥಾನ್ ನಲ್ಲಿ ವಿವಿಧ ಕಾಲೇಜುಗಳಿಂದ ವಿದ್ಯಾರ್ಥಿಗಳು ಭಾಗವಹಿಸಿದ್ದರು. ವಿಜೇತ ತಂಡಗಳಿಗೆ ಬಹುಮಾನ ವಿತರಿಸಲಾಯಿತು. ನೂರಾರು ಯುವ ಪ್ರತಿಭೆಗಳು ತಮ್ಮ ನವೀನ ಯೋಜನೆಗಳನ್ನು ಪ್ರದರ್ಶಿಸಿದರು.
ಧರ್ಮಸ್ಥಳ ಕ್ಷೇತ್ರದ ಬಗ್ಗೆ ಅಪಪ್ರಚಾರ ಸಲ್ಲದು: ಡಾ. ಪ್ರಭಾಕರ ಕೋರೆ
ಬೆಳಗಾವಿ: ಶ್ರೀಕ್ಷೇತ್ರ ಧರ್ಮಸ್ಥಳದ ಕುರಿತು ನಡೆದಿರುವ ಅಪಪ್ರಚಾರ ನಿಜಕ್ಕೂ ದುಃಖಕರ ಸಂಗತಿ ಎಂದು ಕೆಎಲ್‌ಇ ಸಂಸ್ಥೆಯ ಕಾರ್ಯಾಧ್ಯಕ್ಷ ಡಾ. ಪ್ರಭಾಕರ ಕೋರೆ ಹೇಳಿದರು. ಧರ್ಮಸ್ಥಳ ಒಂದು ಪುಣ್ಯಕ್ಷೇತ್ರ. ನಾಡಿನ ಜನರ ಶ್ರದ್ಧೆಯ ಕೇಂದ್ರ. ಈ ಕ್ಷೇತ್ರವು ಸಾಮಾಜಿಕ, ಶೈಕ್ಷಣಿಕ, ಧಾರ್ಮಿಕ ಕ್ಷೇತ್ರದಲ್ಲಿ ಅಪಾರ ಸೇವೆ ಸಲ್ಲಿಸುತ್ತಿದೆ.
ಆರೋಪಗಳನ್ನು ಮಾಡುತ್ತಿದ್ದಾರೆ. ಕಪೋಲಕಲ್ಪಿತ ಸುದ್ದಿಗಳನ್ನು ಹರಡುವ ಮೂಲಕ ಕ್ಷೇತ್ರದ ಘನತೆಗೆ ಧಕ್ಕೆ ತರುವ ಪ್ರಯತ್ನ ನಡೆದಿದೆ. ಇದು ಖಂಡನೀಯ. ಕ್ಷೇತ್ರದ ಬಗ್ಗೆ ಅಪಪ್ರಚಾರ ಮಾಡುವವರ ವಿರುದ್ಧ ಸರ್ಕಾರ ಕಠಿಣ ಕ್ರಮ ಕೈಗೊಳ್ಳಬೇಕು ಎಂದು ಒತ್ತಾಯಿಸಿದರು.
ಸಂಧಿಸುವ ಅವರ ಕಾರ್ಯಕ್ಕೆ ಸಮಾಜ ಬೆಂಬಲ ನೀಡಬೇಕು. ಎಸ್.ಐ.ಟಿ ತನಿಖೆಯ ವರದಿ ಬರುವವರೆಗೆ ಯಾರೂ ಅಪಪ್ರಚಾರ ಮಾಡಬಾರದು. ಸತ್ಯ ಹೊರಬರಲಿದೆ. ಧರ್ಮಸ್ಥಳ ಕ್ಷೇತ್ರವು ಲಕ್ಷಾಂತರ ಭಕ್ತರ ಆರಾಧ್ಯ ಕೇಂದ್ರವಾಗಿದೆ ಎಂದರು.
ಶ್ರೀ ಚಂದ್ರಶೇಖರ ಶಿವಾಚಾರ್ಯ ಸ್ವಾಮಿಗಳು, ಗುರುಬಸವರಾಜ ಹಿರೇಮಠ, ಈರಣ್ಣ ಕಡಾಡಿ ಸೇರಿದಂತೆ ಅನೇಕ ಗಣ್ಯರು ಉಪಸ್ಥಿತರಿದ್ದರು. ಧರ್ಮಸ್ಥಳ ಕ್ಷೇತ್ರದ ಬಗ್ಗೆ ಅಪಪ್ರಚಾರ ನಡೆಯುತ್ತಿರುವುದನ್ನು ಎಲ್ಲರೂ ಖಂಡಿಸಬೇಕು.
